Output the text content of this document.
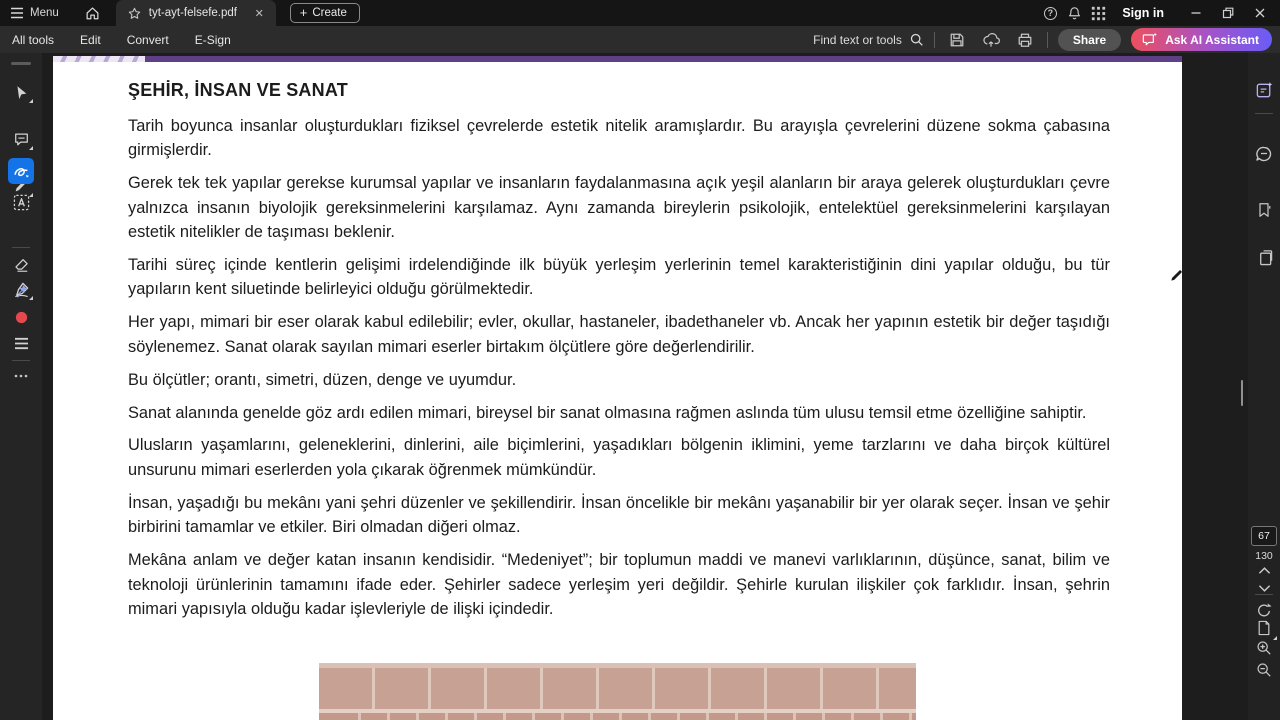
Menu	tyt-ayt-felsefe.pdf ✕	+ Create	?	Sign in
All tools Edit Convert E-Sign	Find text or tools	Share	Ask AI Assistant
67
130
ŞEHİR, İNSAN VE SANAT

Tarih boyunca insanlar oluşturdukları fiziksel çevrelerde estetik nitelik aramışlardır. Bu arayışla çevrelerini düzene sokma çabasına girmişlerdir.

Gerek tek tek yapılar gerekse kurumsal yapılar ve insanların faydalanmasına açık yeşil alanların bir araya gelerek oluşturdukları çevre yalnızca insanın biyolojik gereksinmelerini karşılamaz. Aynı zamanda bireylerin psikolojik, entelektüel gereksinmelerini karşılayan estetik nitelikler de taşıması beklenir.

Tarihi süreç içinde kentlerin gelişimi irdelendiğinde ilk büyük yerleşim yerlerinin temel karakteristiğinin dini yapılar olduğu, bu tür yapıların kent siluetinde belirleyici olduğu görülmektedir.

Her yapı, mimari bir eser olarak kabul edilebilir; evler, okullar, hastaneler, ibadethaneler vb. Ancak her yapının estetik bir değer taşıdığı söylenemez. Sanat olarak sayılan mimari eserler birtakım ölçütlere göre değerlendirilir.

Bu ölçütler; orantı, simetri, düzen, denge ve uyumdur.

Sanat alanında genelde göz ardı edilen mimari, bireysel bir sanat olmasına rağmen aslında tüm ulusu temsil etme özelliğine sahiptir.

Ulusların yaşamlarını, geleneklerini, dinlerini, aile biçimlerini, yaşadıkları bölgenin iklimini, yeme tarzlarını ve daha birçok kültürel unsurunu mimari eserlerden yola çıkarak öğrenmek mümkündür.

İnsan, yaşadığı bu mekânı yani şehri düzenler ve şekillendirir. İnsan öncelikle bir mekânı yaşanabilir bir yer olarak seçer. İnsan ve şehir birbirini tamamlar ve etkiler. Biri olmadan diğeri olmaz.

Mekâna anlam ve değer katan insanın kendisidir. “Medeniyet”; bir toplumun maddi ve manevi varlıklarının, düşünce, sanat, bilim ve teknoloji ürünlerinin tamamını ifade eder. Şehirler sadece yerleşim yeri değildir. Şehirle kurulan ilişkiler çok farklıdır. İnsan, şehrin mimari yapısıyla olduğu kadar işlevleriyle de ilişki içindedir.
